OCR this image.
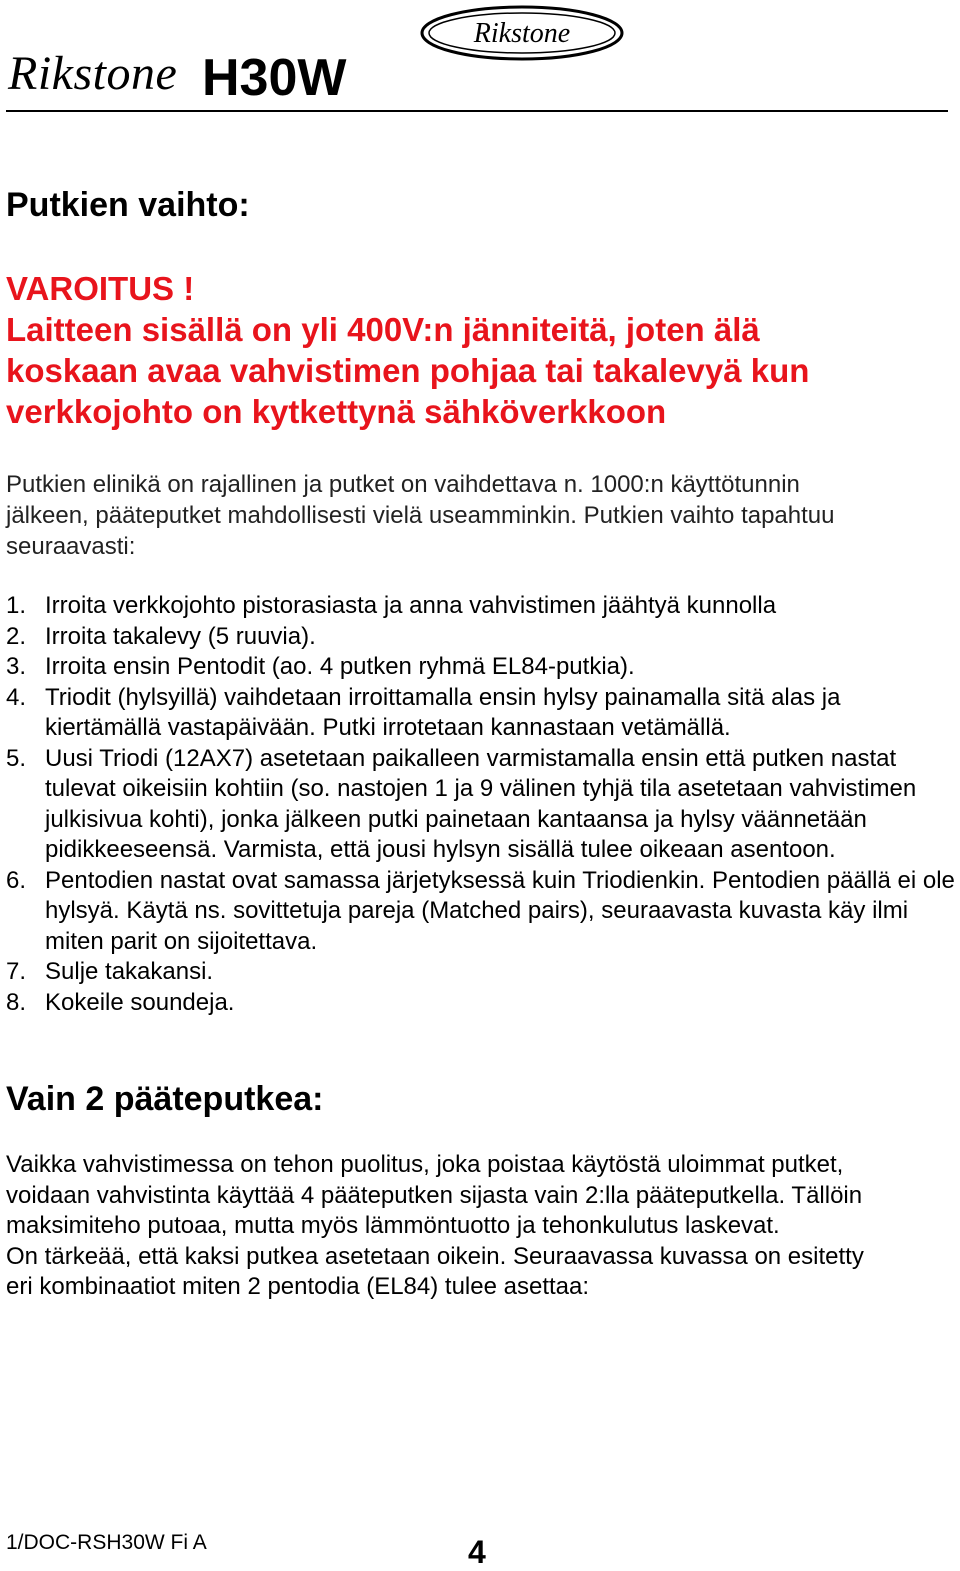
Rikstone
Rikstone H30W
Putkien vaihto:
VAROITUS !
Laitteen sisällä on yli 400V:n jänniteitä, joten älä
koskaan avaa vahvistimen pohjaa tai takalevyä kun
verkkojohto on kytkettynä sähköverkkoon
Putkien elinikä on rajallinen ja putket on vaihdettava n. 1000:n käyttötunnin
jälkeen, pääteputket mahdollisesti vielä useamminkin. Putkien vaihto tapahtuu
seuraavasti:
1. Irroita verkkojohto pistorasiasta ja anna vahvistimen jäähtyä kunnolla
2. Irroita takalevy (5 ruuvia).
3. Irroita ensin Pentodit (ao. 4 putken ryhmä EL84-putkia).
4. Triodit (hylsyillä) vaihdetaan irroittamalla ensin hylsy painamalla sitä alas ja kiertämällä vastapäivään. Putki irrotetaan kannastaan vetämällä.
5. Uusi Triodi (12AX7) asetetaan paikalleen varmistamalla ensin että putken nastat tulevat oikeisiin kohtiin (so. nastojen 1 ja 9 välinen tyhjä tila asetetaan vahvistimen julkisivua kohti), jonka jälkeen putki painetaan kantaansa ja hylsy väännetään pidikkeeseensä. Varmista, että jousi hylsyn sisällä tulee oikeaan asentoon.
6. Pentodien nastat ovat samassa järjetyksessä kuin Triodienkin. Pentodien päällä ei ole hylsyä. Käytä ns. sovittetuja pareja (Matched pairs), seuraavasta kuvasta käy ilmi miten parit on sijoitettava.
7. Sulje takakansi.
8. Kokeile soundeja.
Vain 2 pääteputkea:
Vaikka vahvistimessa on tehon puolitus, joka poistaa käytöstä uloimmat putket,
voidaan vahvistinta käyttää 4 pääteputken sijasta vain 2:lla pääteputkella. Tällöin
maksimiteho putoaa, mutta myös lämmöntuotto ja tehonkulutus laskevat.
On tärkeää, että kaksi putkea asetetaan oikein. Seuraavassa kuvassa on esitetty
eri kombinaatiot miten 2 pentodia (EL84) tulee asettaa:
1/DOC-RSH30W Fi A	4
